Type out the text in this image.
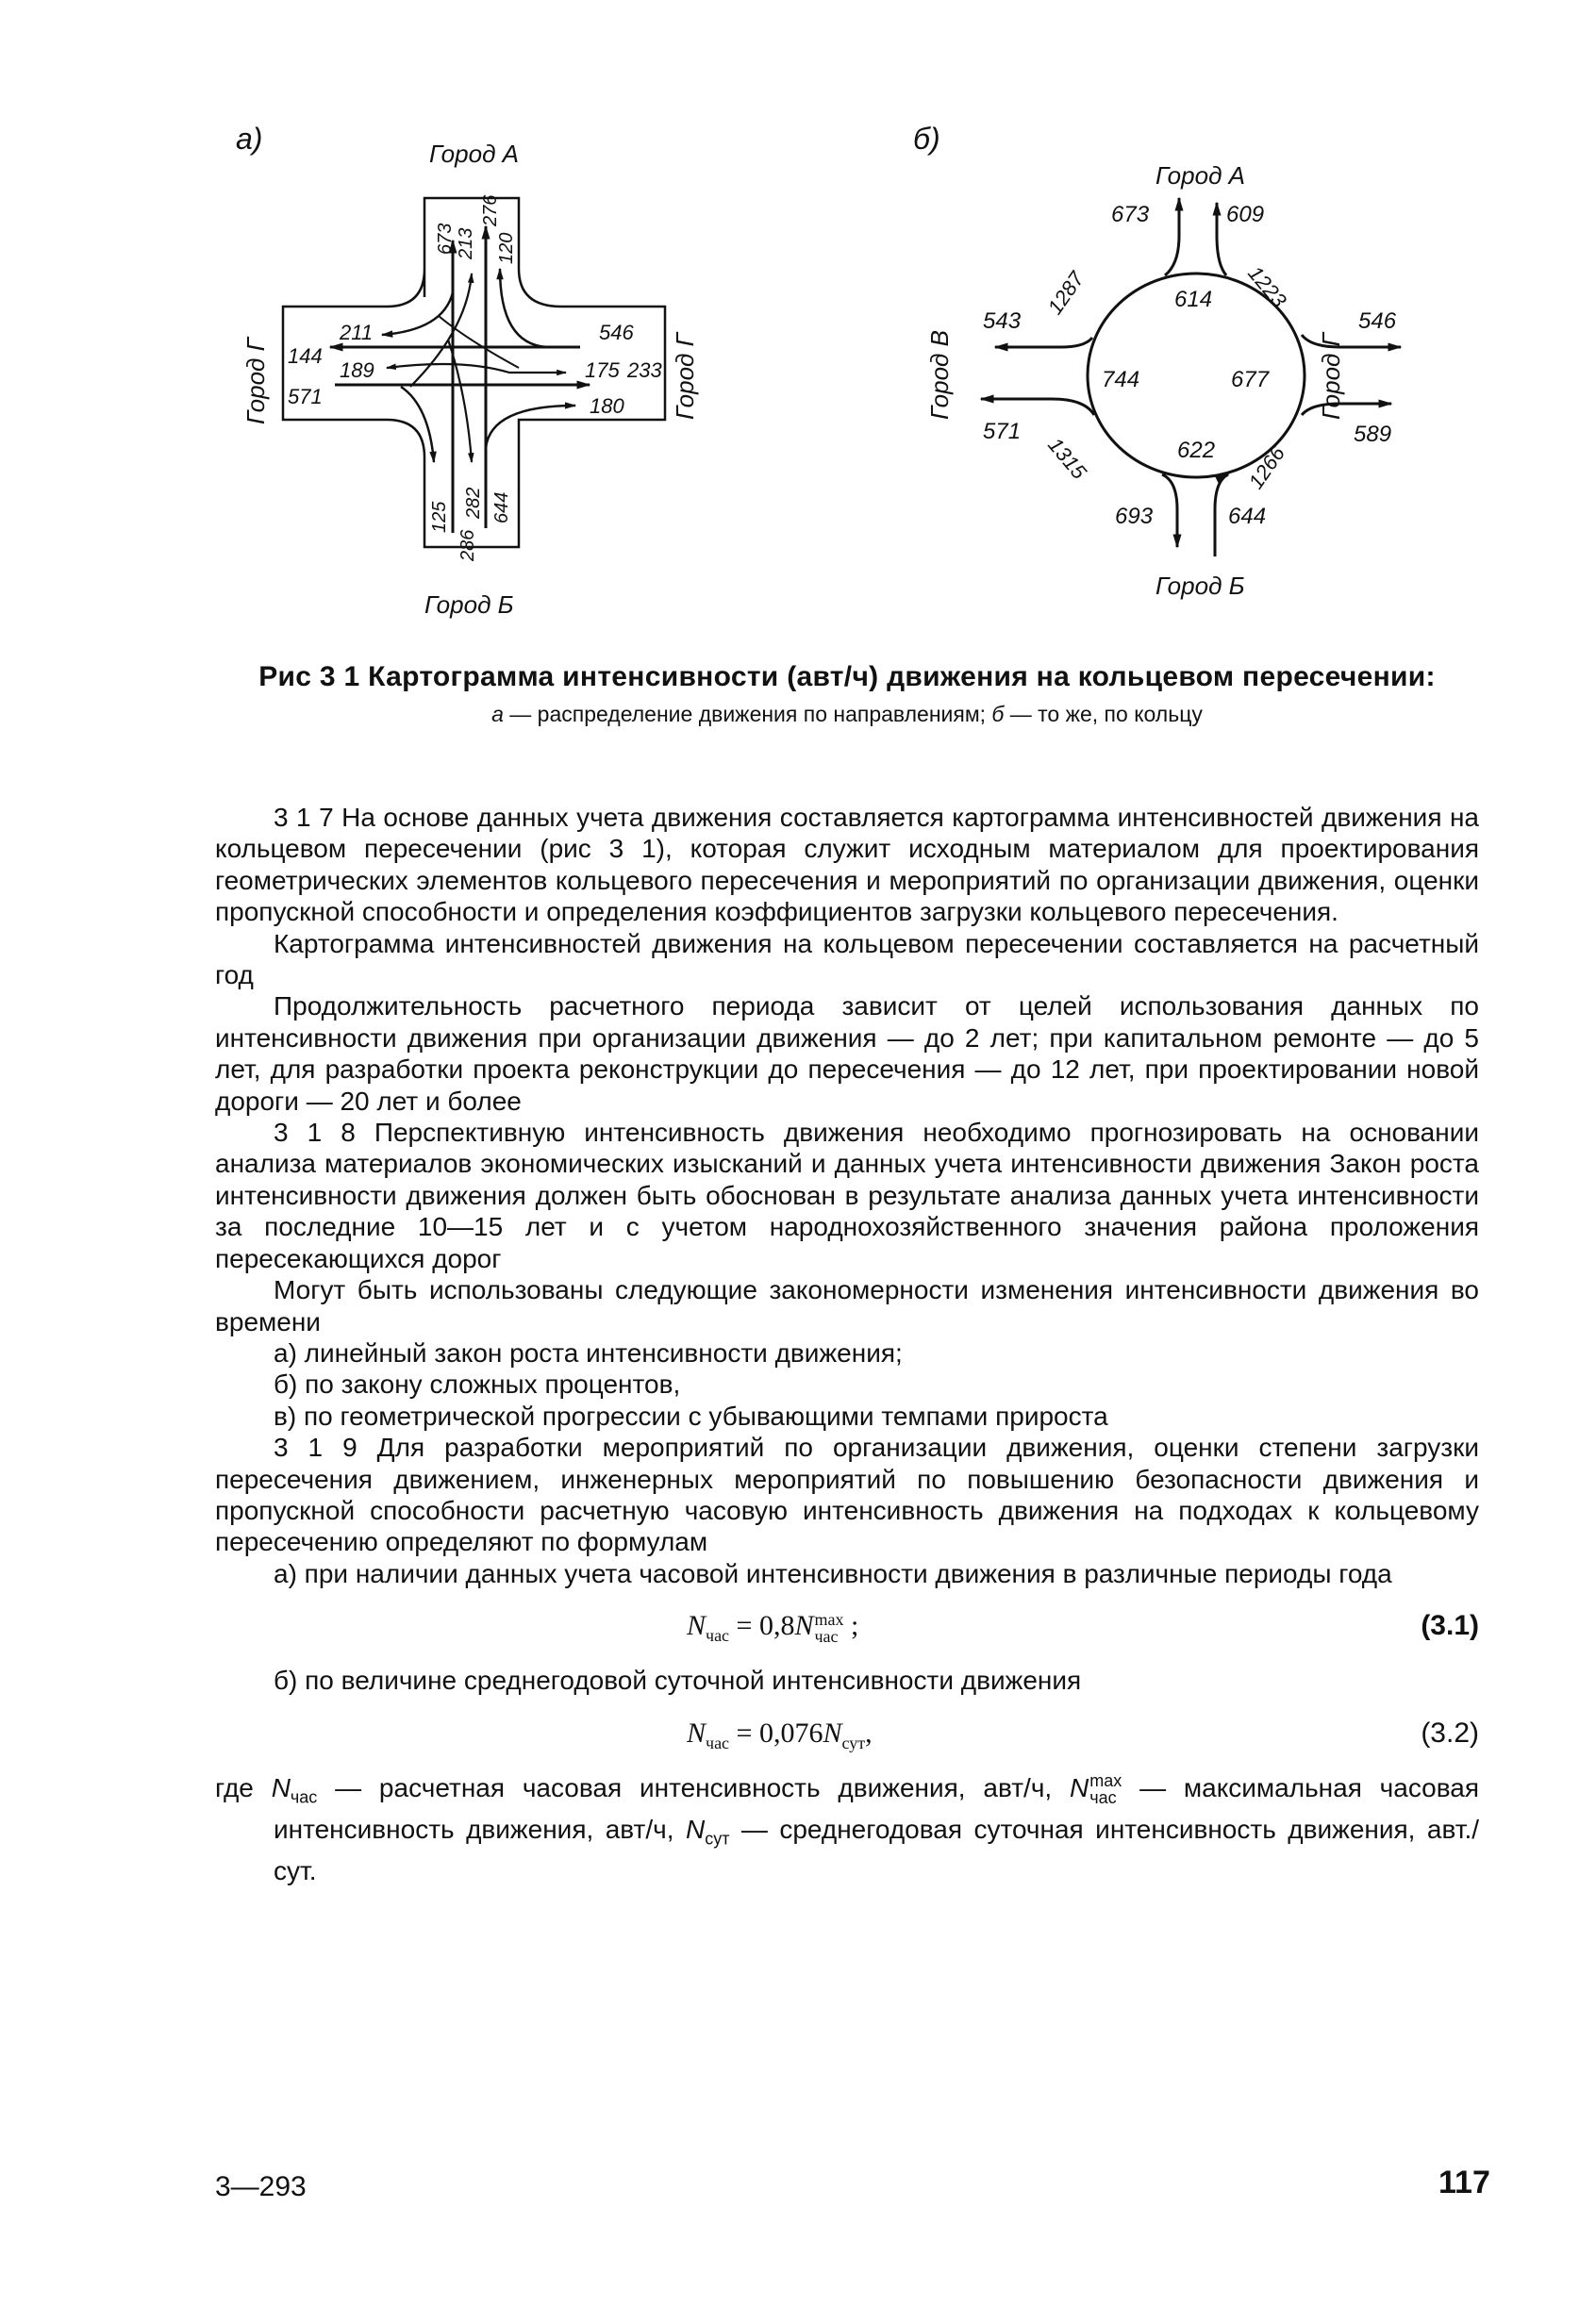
а)	Город А
Город Б
Город Г	Город Г
673 213
276
120
211
144
189
571
546
175 233
180
125
286
282 644
б)
Город А
Город Б
Город В	Город Г
673	609
543
571
546
589
693	644
1287	1223
1315	1266
614
744	677
622
Рис 3 1 Картограмма интенсивности (авт/ч) движения на кольцевом пересечении:
а — распределение движения по направлениям; б — то же, по кольцу

3 1 7 На основе данных учета движения составляется картограмма интенсивностей движения на кольцевом пересечении (рис 3 1), которая служит исходным материалом для проектирования геометрических элементов кольцевого пересечения и мероприятий по организации движения, оценки пропускной способности и определения коэффициентов загрузки кольцевого пересечения.

Картограмма интенсивностей движения на кольцевом пересечении составляется на расчетный год

Продолжительность расчетного периода зависит от целей использования данных по интенсивности движения при организации движения — до 2 лет; при капитальном ремонте — до 5 лет, для разработки проекта реконструкции до пересечения — до 12 лет, при проектировании новой дороги — 20 лет и более

3 1 8 Перспективную интенсивность движения необходимо прогнозировать на основании анализа материалов экономических изысканий и данных учета интенсивности движения Закон роста интенсивности движения должен быть обоснован в результате анализа данных учета интенсивности за последние 10—15 лет и с учетом народнохозяйственного значения района проложения пересекающихся дорог

Могут быть использованы следующие закономерности изменения интенсивности движения во времени

а) линейный закон роста интенсивности движения;

б) по закону сложных процентов,

в) по геометрической прогрессии с убывающими темпами прироста

3 1 9 Для разработки мероприятий по организации движения, оценки степени загрузки пересечения движением, инженерных мероприятий по повышению безопасности движения и пропускной способности расчетную часовую интенсивность движения на подходах к кольцевому пересечению определяют по формулам

а) при наличии данных учета часовой интенсивности движения в различные периоды года

$N_{час} = 0,8N$ max
час ;	(3.1)

б) по величине среднегодовой суточной интенсивности движения

$N_{час} = 0,076N_{сут}$,	(3.2)

где $N_{час}$ — расчетная часовая интенсивность движения, авт/ч, N max
час — максимальная часовая интенсивность движения, авт/ч, $N_{сут}$ — среднегодовая суточная интенсивность движения, авт./сут.

3—293	117
